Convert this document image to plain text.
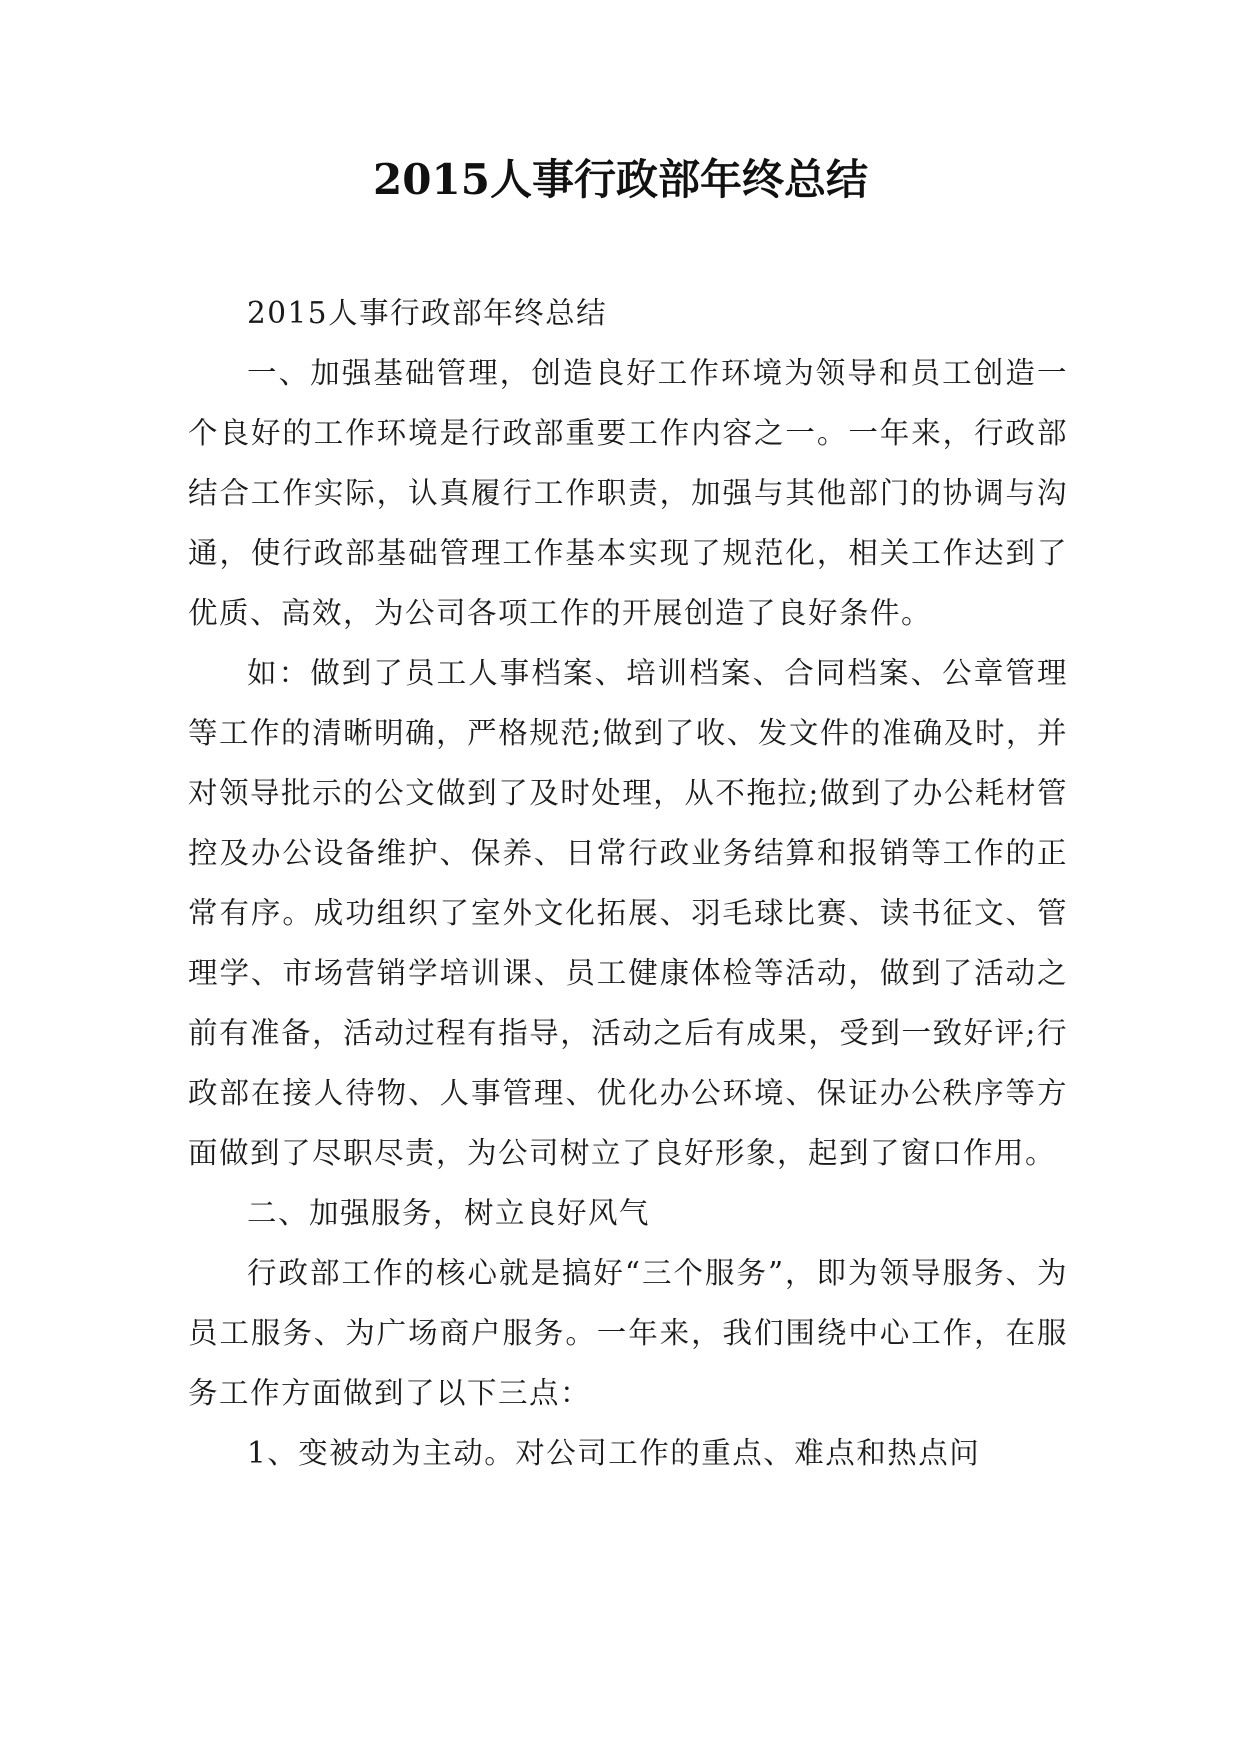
2015人事行政部年终总结

2015人事行政部年终总结

一、加强基础管理，创造良好工作环境为领导和员工创造一个良好的工作环境是行政部重要工作内容之一。一年来，行政部结合工作实际，认真履行工作职责，加强与其他部门的协调与沟通，使行政部基础管理工作基本实现了规范化，相关工作达到了优质、高效，为公司各项工作的开展创造了良好条件。

如：做到了员工人事档案、培训档案、合同档案、公章管理等工作的清晰明确，严格规范;做到了收、发文件的准确及时，并对领导批示的公文做到了及时处理，从不拖拉;做到了办公耗材管控及办公设备维护、保养、日常行政业务结算和报销等工作的正常有序。成功组织了室外文化拓展、羽毛球比赛、读书征文、管理学、市场营销学培训课、员工健康体检等活动，做到了活动之前有准备，活动过程有指导，活动之后有成果，受到一致好评;行政部在接人待物、人事管理、优化办公环境、保证办公秩序等方面做到了尽职尽责，为公司树立了良好形象，起到了窗口作用。

二、加强服务，树立良好风气

行政部工作的核心就是搞好“三个服务”，即为领导服务、为员工服务、为广场商户服务。一年来，我们围绕中心工作，在服务工作方面做到了以下三点：

1、变被动为主动。对公司工作的重点、难点和热点问
